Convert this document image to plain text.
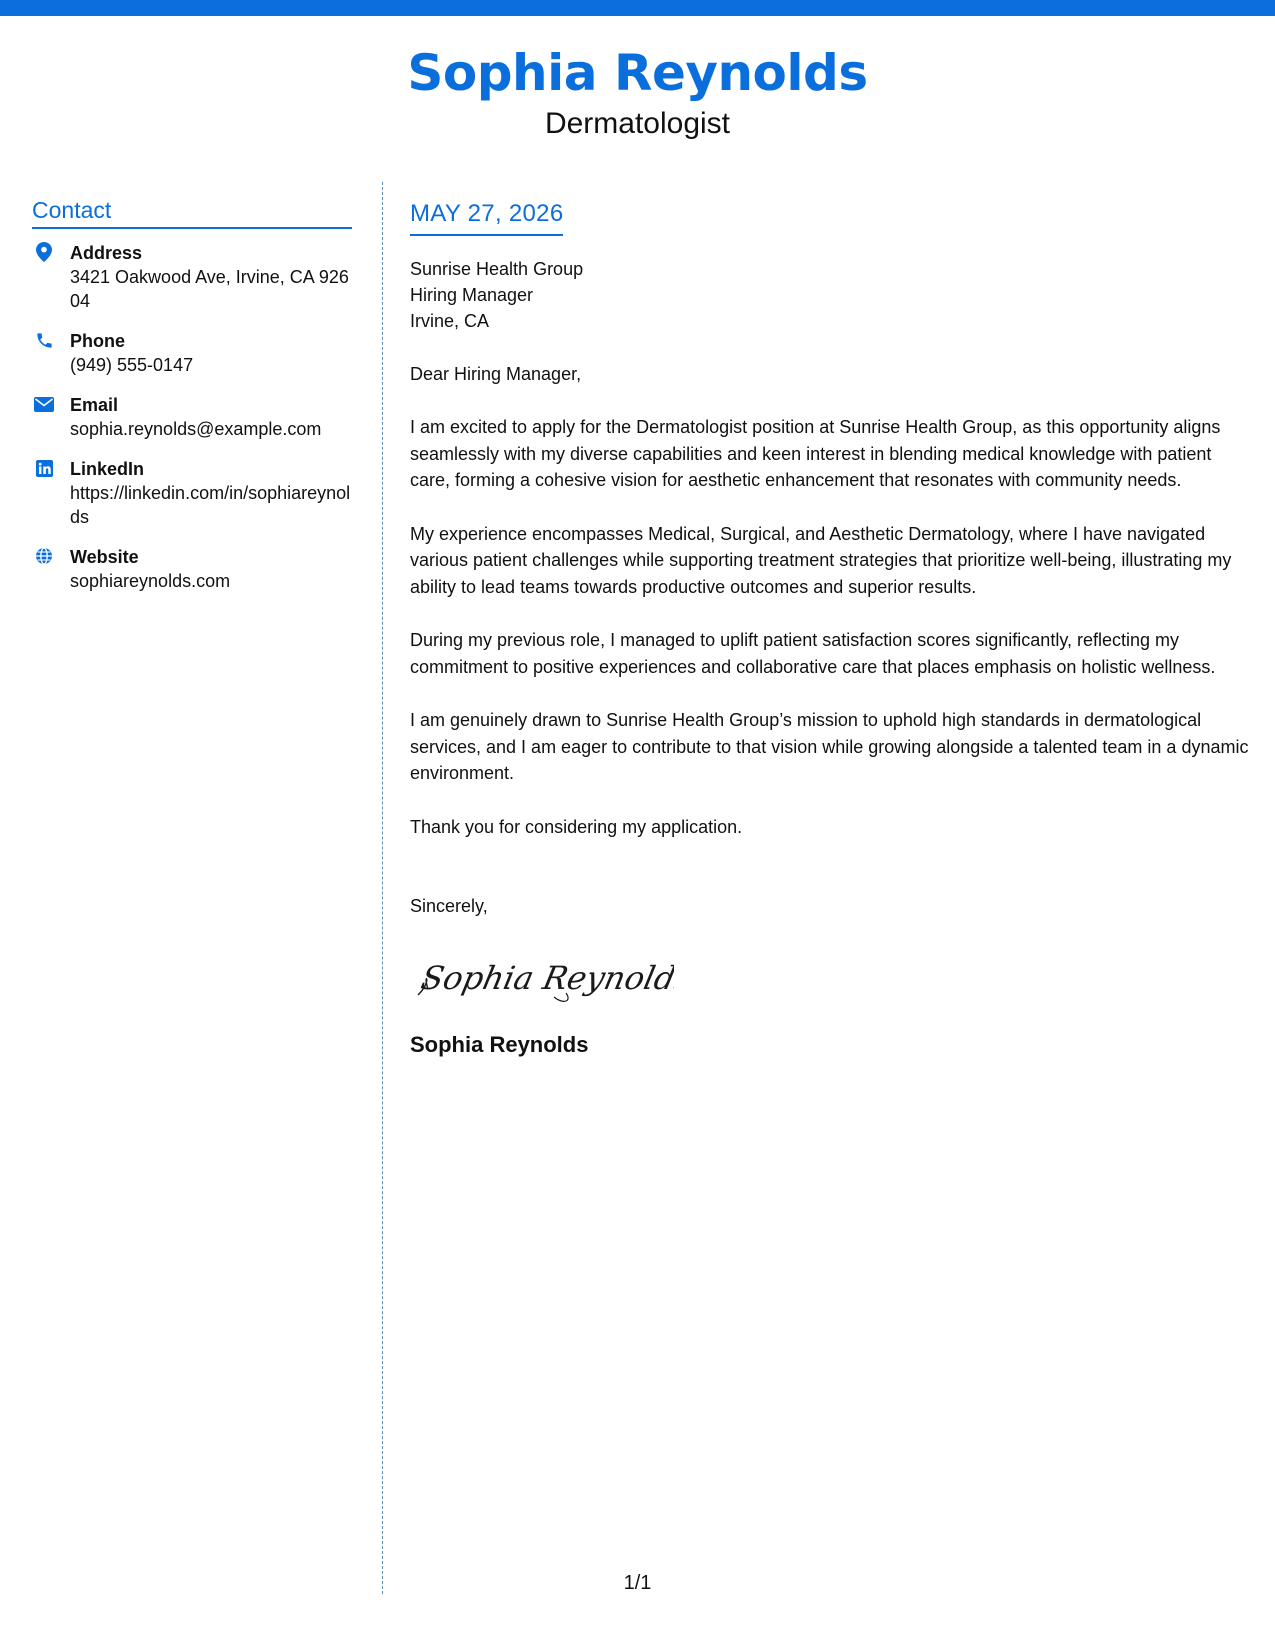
Sophia Reynolds
Dermatologist
Contact
Address
3421 Oakwood Ave, Irvine, CA 92604
Phone
(949) 555-0147
Email
sophia.reynolds@example.com
LinkedIn
https://linkedin.com/in/sophiareynolds
Website
sophiareynolds.com
MAY 27, 2026
Sunrise Health Group
Hiring Manager
Irvine, CA
Dear Hiring Manager,
I am excited to apply for the Dermatologist position at Sunrise Health Group, as this opportunity aligns seamlessly with my diverse capabilities and keen interest in blending medical knowledge with patient care, forming a cohesive vision for aesthetic enhancement that resonates with community needs.
My experience encompasses Medical, Surgical, and Aesthetic Dermatology, where I have navigated various patient challenges while supporting treatment strategies that prioritize well-being, illustrating my ability to lead teams towards productive outcomes and superior results.
During my previous role, I managed to uplift patient satisfaction scores significantly, reflecting my commitment to positive experiences and collaborative care that places emphasis on holistic wellness.
I am genuinely drawn to Sunrise Health Group’s mission to uphold high standards in dermatological services, and I am eager to contribute to that vision while growing alongside a talented team in a dynamic environment.
Thank you for considering my application.
Sincerely,
Sophia Reynolds
Sophia Reynolds
1/1
